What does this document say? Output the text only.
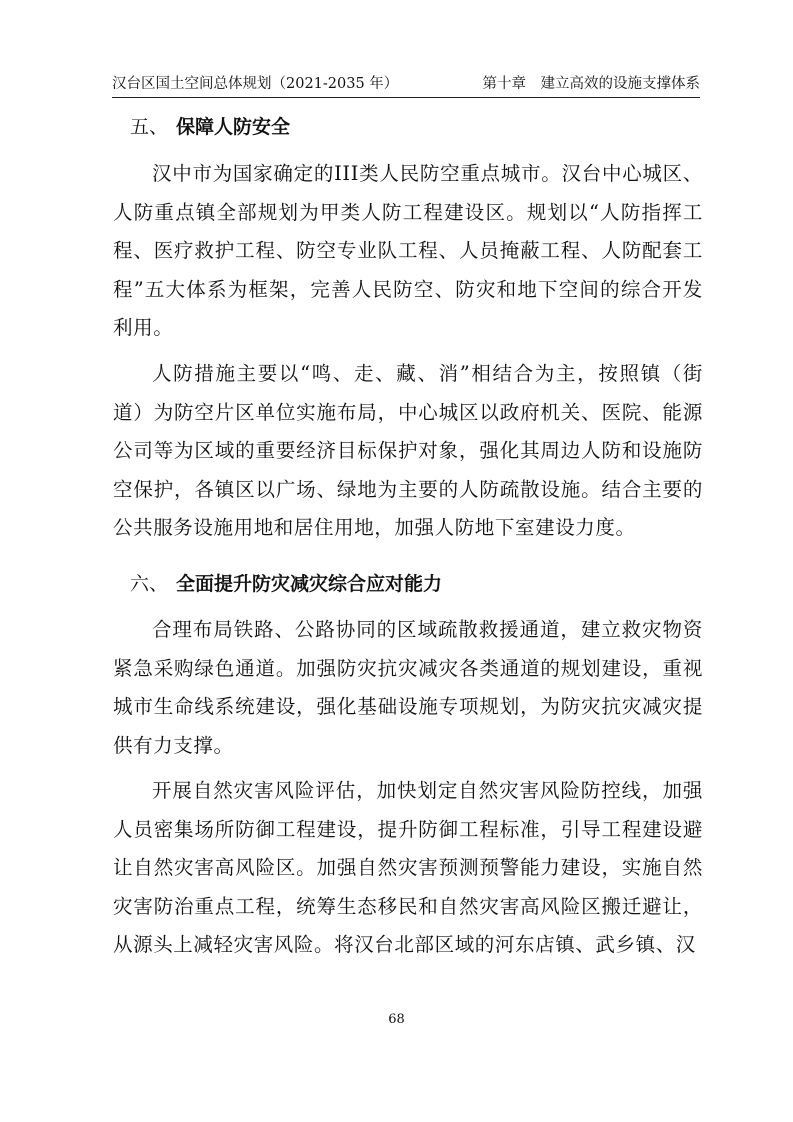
汉台区国土空间总体规划（2021-2035 年）	第十章　建立高效的设施支撑体系
五、 保障人防安全

汉中市为国家确定的III类人民防空重点城市。汉台中心城区、人防重点镇全部规划为甲类人防工程建设区。规划以“人防指挥工程、医疗救护工程、防空专业队工程、人员掩蔽工程、人防配套工程”五大体系为框架，完善人民防空、防灾和地下空间的综合开发利用。

人防措施主要以“鸣、走、藏、消”相结合为主，按照镇（街道）为防空片区单位实施布局，中心城区以政府机关、医院、能源公司等为区域的重要经济目标保护对象，强化其周边人防和设施防空保护，各镇区以广场、绿地为主要的人防疏散设施。结合主要的公共服务设施用地和居住用地，加强人防地下室建设力度。

六、 全面提升防灾减灾综合应对能力

合理布局铁路、公路协同的区域疏散救援通道，建立救灾物资紧急采购绿色通道。加强防灾抗灾减灾各类通道的规划建设，重视城市生命线系统建设，强化基础设施专项规划，为防灾抗灾减灾提供有力支撑。

开展自然灾害风险评估，加快划定自然灾害风险防控线，加强人员密集场所防御工程建设，提升防御工程标准，引导工程建设避让自然灾害高风险区。加强自然灾害预测预警能力建设，实施自然灾害防治重点工程，统筹生态移民和自然灾害高风险区搬迁避让，从源头上减轻灾害风险。将汉台北部区域的河东店镇、武乡镇、汉

68
